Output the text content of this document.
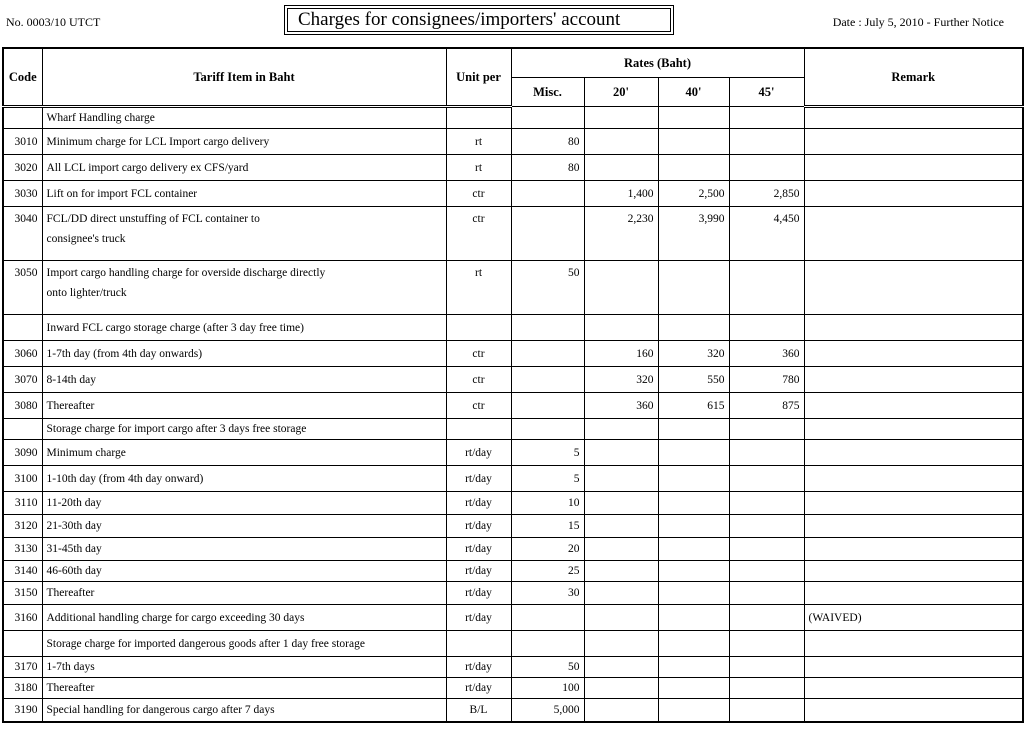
No. 0003/10 UTCT	Charges for consignees/importers' account	Date : July 5, 2010 - Further Notice
Code	Tariff Item in Baht	Unit per	Rates (Baht)				Remark
			Misc.	20'	40'	45'	
	Wharf Handling charge						
3010	Minimum charge for LCL Import cargo delivery	rt	80				
3020	All LCL import cargo delivery ex CFS/yard	rt	80				
3030	Lift on for import FCL container	ctr		1,400	2,500	2,850	
3040	FCL/DD direct unstuffing of FCL container to
consignee's truck	ctr		2,230	3,990	4,450	
3050	Import cargo handling charge for overside discharge directly
onto lighter/truck	rt	50				
	Inward FCL cargo storage charge (after 3 day free time)						
3060	1-7th day (from 4th day onwards)	ctr		160	320	360	
3070	8-14th day	ctr		320	550	780	
3080	Thereafter	ctr		360	615	875	
	Storage charge for import cargo after 3 days free storage						
3090	Minimum charge	rt/day	5				
3100	1-10th day (from 4th day onward)	rt/day	5				
3110	11-20th day	rt/day	10				
3120	21-30th day	rt/day	15				
3130	31-45th day	rt/day	20				
3140	46-60th day	rt/day	25				
3150	Thereafter	rt/day	30				
3160	Additional handling charge for cargo exceeding 30 days	rt/day					(WAIVED)
	Storage charge for imported dangerous goods after 1 day free storage						
3170	1-7th days	rt/day	50				
3180	Thereafter	rt/day	100				
3190	Special handling for dangerous cargo after 7 days	B/L	5,000				
